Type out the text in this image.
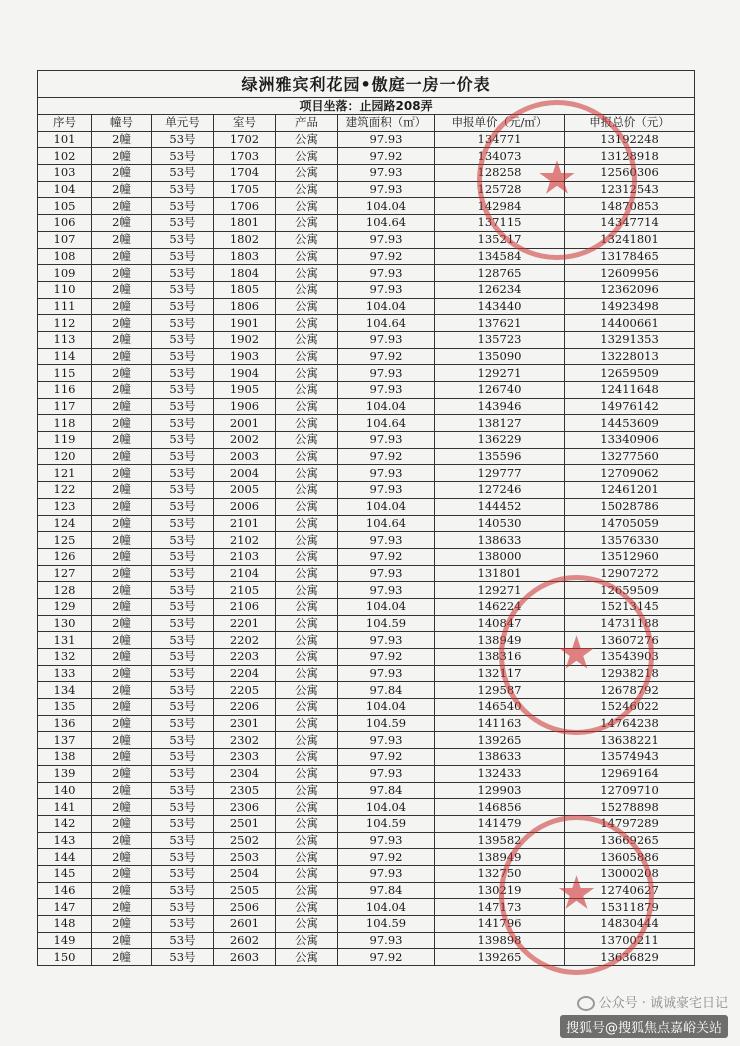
绿洲雅宾利花园•傲庭一房一价表							
项目坐落：止园路208弄							
序号	幢号	单元号	室号	产品	建筑面积（㎡）	申报单价（元/㎡）	申报总价（元）
101	2幢	53号	1702	公寓	97.93	134771	13192248
102	2幢	53号	1703	公寓	97.92	134073	13128918
103	2幢	53号	1704	公寓	97.93	128258	12560306
104	2幢	53号	1705	公寓	97.93	125728	12312543
105	2幢	53号	1706	公寓	104.04	142984	14870853
106	2幢	53号	1801	公寓	104.64	137115	14347714
107	2幢	53号	1802	公寓	97.93	135217	13241801
108	2幢	53号	1803	公寓	97.92	134584	13178465
109	2幢	53号	1804	公寓	97.93	128765	12609956
110	2幢	53号	1805	公寓	97.93	126234	12362096
111	2幢	53号	1806	公寓	104.04	143440	14923498
112	2幢	53号	1901	公寓	104.64	137621	14400661
113	2幢	53号	1902	公寓	97.93	135723	13291353
114	2幢	53号	1903	公寓	97.92	135090	13228013
115	2幢	53号	1904	公寓	97.93	129271	12659509
116	2幢	53号	1905	公寓	97.93	126740	12411648
117	2幢	53号	1906	公寓	104.04	143946	14976142
118	2幢	53号	2001	公寓	104.64	138127	14453609
119	2幢	53号	2002	公寓	97.93	136229	13340906
120	2幢	53号	2003	公寓	97.92	135596	13277560
121	2幢	53号	2004	公寓	97.93	129777	12709062
122	2幢	53号	2005	公寓	97.93	127246	12461201
123	2幢	53号	2006	公寓	104.04	144452	15028786
124	2幢	53号	2101	公寓	104.64	140530	14705059
125	2幢	53号	2102	公寓	97.93	138633	13576330
126	2幢	53号	2103	公寓	97.92	138000	13512960
127	2幢	53号	2104	公寓	97.93	131801	12907272
128	2幢	53号	2105	公寓	97.93	129271	12659509
129	2幢	53号	2106	公寓	104.04	146224	15213145
130	2幢	53号	2201	公寓	104.59	140847	14731188
131	2幢	53号	2202	公寓	97.93	138949	13607276
132	2幢	53号	2203	公寓	97.92	138316	13543903
133	2幢	53号	2204	公寓	97.93	132117	12938218
134	2幢	53号	2205	公寓	97.84	129587	12678792
135	2幢	53号	2206	公寓	104.04	146540	15246022
136	2幢	53号	2301	公寓	104.59	141163	14764238
137	2幢	53号	2302	公寓	97.93	139265	13638221
138	2幢	53号	2303	公寓	97.92	138633	13574943
139	2幢	53号	2304	公寓	97.93	132433	12969164
140	2幢	53号	2305	公寓	97.84	129903	12709710
141	2幢	53号	2306	公寓	104.04	146856	15278898
142	2幢	53号	2501	公寓	104.59	141479	14797289
143	2幢	53号	2502	公寓	97.93	139582	13669265
144	2幢	53号	2503	公寓	97.92	138949	13605886
145	2幢	53号	2504	公寓	97.93	132750	13000208
146	2幢	53号	2505	公寓	97.84	130219	12740627
147	2幢	53号	2506	公寓	104.04	147173	15311879
148	2幢	53号	2601	公寓	104.59	141796	14830444
149	2幢	53号	2602	公寓	97.93	139898	13700211
150	2幢	53号	2603	公寓	97.92	139265	13636829
★
★
★
公众号 · 诚诚豪宅日记
搜狐号@搜狐焦点嘉峪关站
